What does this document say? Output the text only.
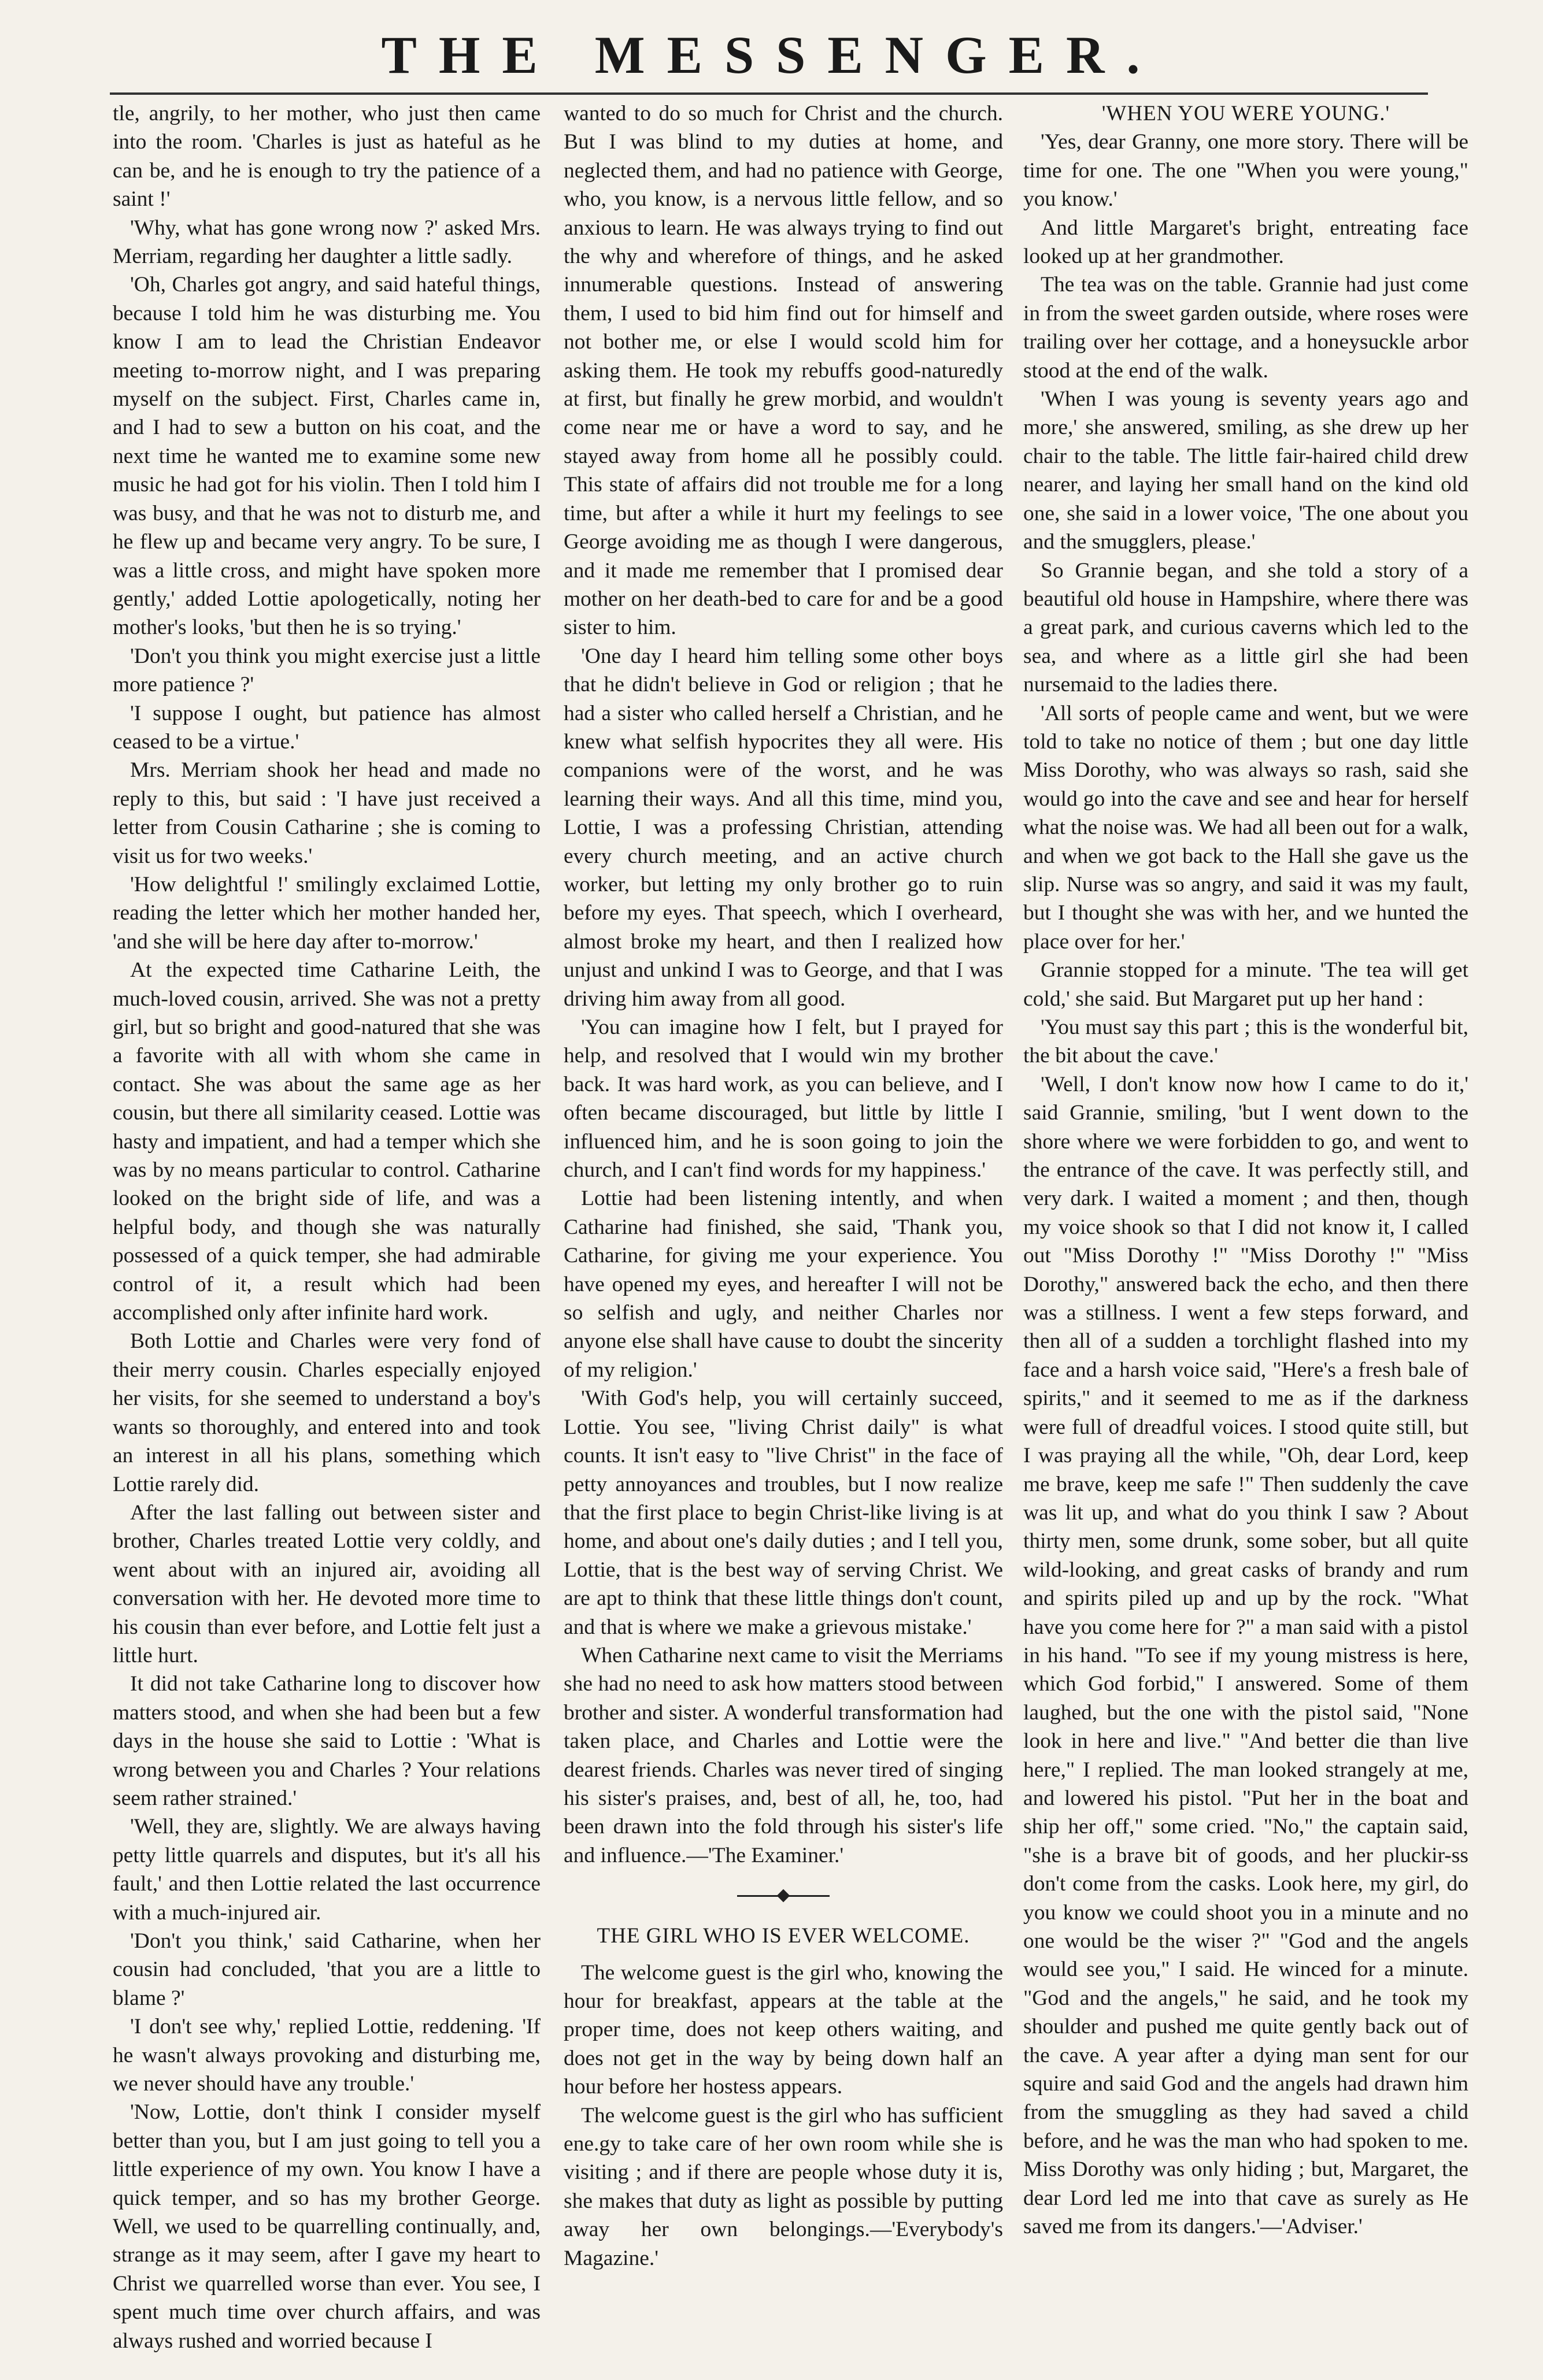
THE MESSENGER.

tle, angrily, to her mother, who just then came into the room. 'Charles is just as hateful as he can be, and he is enough to try the patience of a saint !'

'Why, what has gone wrong now ?' asked Mrs. Merriam, regarding her daughter a little sadly.

'Oh, Charles got angry, and said hateful things, because I told him he was disturbing me. You know I am to lead the Christian Endeavor meeting to-morrow night, and I was preparing myself on the subject. First, Charles came in, and I had to sew a button on his coat, and the next time he wanted me to examine some new music he had got for his violin. Then I told him I was busy, and that he was not to disturb me, and he flew up and became very angry. To be sure, I was a little cross, and might have spoken more gently,' added Lottie apologetically, noting her mother's looks, 'but then he is so trying.'

'Don't you think you might exercise just a little more patience ?'

'I suppose I ought, but patience has almost ceased to be a virtue.'

Mrs. Merriam shook her head and made no reply to this, but said : 'I have just received a letter from Cousin Catharine ; she is coming to visit us for two weeks.'

'How delightful !' smilingly exclaimed Lottie, reading the letter which her mother handed her, 'and she will be here day after to-morrow.'

At the expected time Catharine Leith, the much-loved cousin, arrived. She was not a pretty girl, but so bright and good-natured that she was a favorite with all with whom she came in contact. She was about the same age as her cousin, but there all similarity ceased. Lottie was hasty and impatient, and had a temper which she was by no means particular to control. Catharine looked on the bright side of life, and was a helpful body, and though she was naturally possessed of a quick temper, she had admirable control of it, a result which had been accomplished only after infinite hard work.

Both Lottie and Charles were very fond of their merry cousin. Charles especially enjoyed her visits, for she seemed to understand a boy's wants so thoroughly, and entered into and took an interest in all his plans, something which Lottie rarely did.

After the last falling out between sister and brother, Charles treated Lottie very coldly, and went about with an injured air, avoiding all conversation with her. He devoted more time to his cousin than ever before, and Lottie felt just a little hurt.

It did not take Catharine long to discover how matters stood, and when she had been but a few days in the house she said to Lottie : 'What is wrong between you and Charles ? Your relations seem rather strained.'

'Well, they are, slightly. We are always having petty little quarrels and disputes, but it's all his fault,' and then Lottie related the last occurrence with a much-injured air.

'Don't you think,' said Catharine, when her cousin had concluded, 'that you are a little to blame ?'

'I don't see why,' replied Lottie, reddening. 'If he wasn't always provoking and disturbing me, we never should have any trouble.'

'Now, Lottie, don't think I consider myself better than you, but I am just going to tell you a little experience of my own. You know I have a quick temper, and so has my brother George. Well, we used to be quarrelling continually, and, strange as it may seem, after I gave my heart to Christ we quarrelled worse than ever. You see, I spent much time over church affairs, and was always rushed and worried because I

wanted to do so much for Christ and the church. But I was blind to my duties at home, and neglected them, and had no patience with George, who, you know, is a nervous little fellow, and so anxious to learn. He was always trying to find out the why and wherefore of things, and he asked innumerable questions. Instead of answering them, I used to bid him find out for himself and not bother me, or else I would scold him for asking them. He took my rebuffs good-naturedly at first, but finally he grew morbid, and wouldn't come near me or have a word to say, and he stayed away from home all he possibly could. This state of affairs did not trouble me for a long time, but after a while it hurt my feelings to see George avoiding me as though I were dangerous, and it made me remember that I promised dear mother on her death-bed to care for and be a good sister to him.

'One day I heard him telling some other boys that he didn't believe in God or religion ; that he had a sister who called herself a Christian, and he knew what selfish hypocrites they all were. His companions were of the worst, and he was learning their ways. And all this time, mind you, Lottie, I was a professing Christian, attending every church meeting, and an active church worker, but letting my only brother go to ruin before my eyes. That speech, which I overheard, almost broke my heart, and then I realized how unjust and unkind I was to George, and that I was driving him away from all good.

'You can imagine how I felt, but I prayed for help, and resolved that I would win my brother back. It was hard work, as you can believe, and I often became discouraged, but little by little I influenced him, and he is soon going to join the church, and I can't find words for my happiness.'

Lottie had been listening intently, and when Catharine had finished, she said, 'Thank you, Catharine, for giving me your experience. You have opened my eyes, and hereafter I will not be so selfish and ugly, and neither Charles nor anyone else shall have cause to doubt the sincerity of my religion.'

'With God's help, you will certainly succeed, Lottie. You see, "living Christ daily" is what counts. It isn't easy to "live Christ" in the face of petty annoyances and troubles, but I now realize that the first place to begin Christ-like living is at home, and about one's daily duties ; and I tell you, Lottie, that is the best way of serving Christ. We are apt to think that these little things don't count, and that is where we make a grievous mistake.'

When Catharine next came to visit the Merriams she had no need to ask how matters stood between brother and sister. A wonderful transformation had taken place, and Charles and Lottie were the dearest friends. Charles was never tired of singing his sister's praises, and, best of all, he, too, had been drawn into the fold through his sister's life and influence.—'The Examiner.'

THE GIRL WHO IS EVER WELCOME.

The welcome guest is the girl who, knowing the hour for breakfast, appears at the table at the proper time, does not keep others waiting, and does not get in the way by being down half an hour before her hostess appears.

The welcome guest is the girl who has sufficient ene.gy to take care of her own room while she is visiting ; and if there are people whose duty it is, she makes that duty as light as possible by putting away her own belongings.—'Everybody's Magazine.'

'WHEN YOU WERE YOUNG.'

'Yes, dear Granny, one more story. There will be time for one. The one "When you were young," you know.'

And little Margaret's bright, entreating face looked up at her grandmother.

The tea was on the table. Grannie had just come in from the sweet garden outside, where roses were trailing over her cottage, and a honeysuckle arbor stood at the end of the walk.

'When I was young is seventy years ago and more,' she answered, smiling, as she drew up her chair to the table. The little fair-haired child drew nearer, and laying her small hand on the kind old one, she said in a lower voice, 'The one about you and the smugglers, please.'

So Grannie began, and she told a story of a beautiful old house in Hampshire, where there was a great park, and curious caverns which led to the sea, and where as a little girl she had been nursemaid to the ladies there.

'All sorts of people came and went, but we were told to take no notice of them ; but one day little Miss Dorothy, who was always so rash, said she would go into the cave and see and hear for herself what the noise was. We had all been out for a walk, and when we got back to the Hall she gave us the slip. Nurse was so angry, and said it was my fault, but I thought she was with her, and we hunted the place over for her.'

Grannie stopped for a minute. 'The tea will get cold,' she said. But Margaret put up her hand :

'You must say this part ; this is the wonderful bit, the bit about the cave.'

'Well, I don't know now how I came to do it,' said Grannie, smiling, 'but I went down to the shore where we were forbidden to go, and went to the entrance of the cave. It was perfectly still, and very dark. I waited a moment ; and then, though my voice shook so that I did not know it, I called out "Miss Dorothy !" "Miss Dorothy !" "Miss Dorothy," answered back the echo, and then there was a stillness. I went a few steps forward, and then all of a sudden a torchlight flashed into my face and a harsh voice said, "Here's a fresh bale of spirits," and it seemed to me as if the darkness were full of dreadful voices. I stood quite still, but I was praying all the while, "Oh, dear Lord, keep me brave, keep me safe !" Then suddenly the cave was lit up, and what do you think I saw ? About thirty men, some drunk, some sober, but all quite wild-looking, and great casks of brandy and rum and spirits piled up and up by the rock. "What have you come here for ?" a man said with a pistol in his hand. "To see if my young mistress is here, which God forbid," I answered. Some of them laughed, but the one with the pistol said, "None look in here and live." "And better die than live here," I replied. The man looked strangely at me, and lowered his pistol. "Put her in the boat and ship her off," some cried. "No," the captain said, "she is a brave bit of goods, and her pluckir-ss don't come from the casks. Look here, my girl, do you know we could shoot you in a minute and no one would be the wiser ?" "God and the angels would see you," I said. He winced for a minute. "God and the angels," he said, and he took my shoulder and pushed me quite gently back out of the cave. A year after a dying man sent for our squire and said God and the angels had drawn him from the smuggling as they had saved a child before, and he was the man who had spoken to me. Miss Dorothy was only hiding ; but, Margaret, the dear Lord led me into that cave as surely as He saved me from its dangers.'—'Adviser.'
